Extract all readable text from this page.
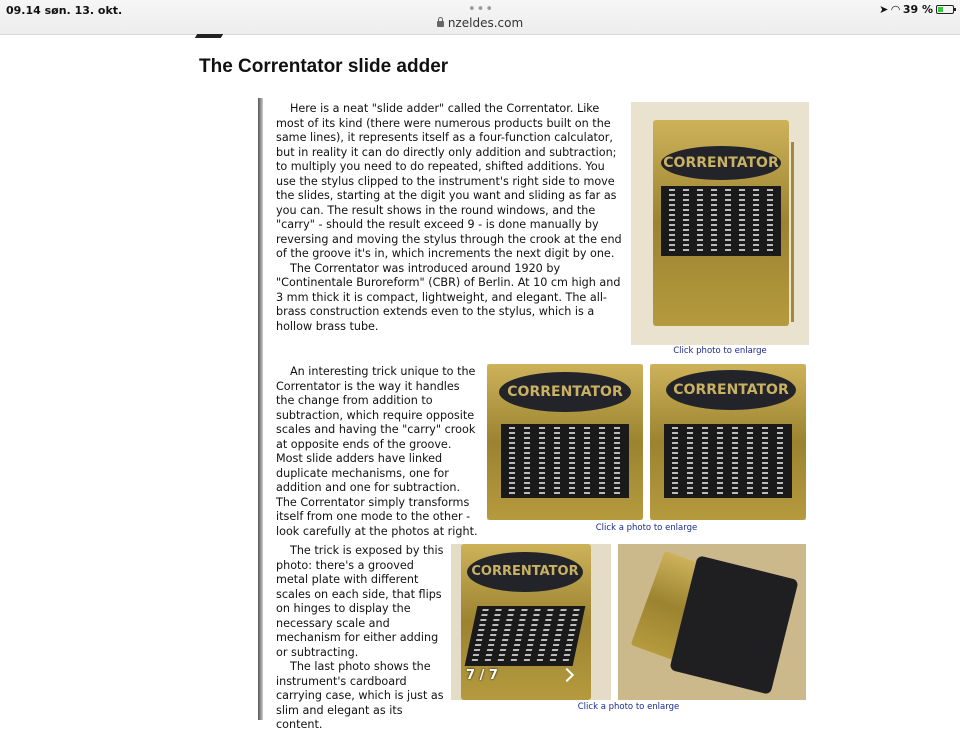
09.14 søn. 13. okt.	•••
nzeldes.com
➤ ◠ 39 %
The Correntator slide adder

Here is a neat "slide adder" called the Correntator. Like most of its kind (there were numerous products built on the same lines), it represents itself as a four-function calculator, but in reality it can do directly only addition and subtraction; to multiply you need to do repeated, shifted additions. You use the stylus clipped to the instrument's right side to move the slides, starting at the digit you want and sliding as far as you can. The result shows in the round windows, and the "carry" - should the result exceed 9 - is done manually by reversing and moving the stylus through the crook at the end of the groove it's in, which increments the next digit by one.

The Correntator was introduced around 1920 by "Continentale Buroreform" (CBR) of Berlin. At 10 cm high and 3 mm thick it is compact, lightweight, and elegant. The all-brass construction extends even to the stylus, which is a hollow brass tube.

CORRENTATOR
Click photo to enlarge

An interesting trick unique to the Correntator is the way it handles the change from addition to subtraction, which require opposite scales and having the "carry" crook at opposite ends of the groove. Most slide adders have linked duplicate mechanisms, one for addition and one for subtraction. The Correntator simply transforms itself from one mode to the other - look carefully at the photos at right.

CORRENTATOR	CORRENTATOR
Click a photo to enlarge

The trick is exposed by this photo: there's a grooved metal plate with different scales on each side, that flips on hinges to display the necessary scale and mechanism for either adding or subtracting.

The last photo shows the instrument's cardboard carrying case, which is just as slim and elegant as its content.

CORRENTATOR
7 / 7
Click a photo to enlarge
